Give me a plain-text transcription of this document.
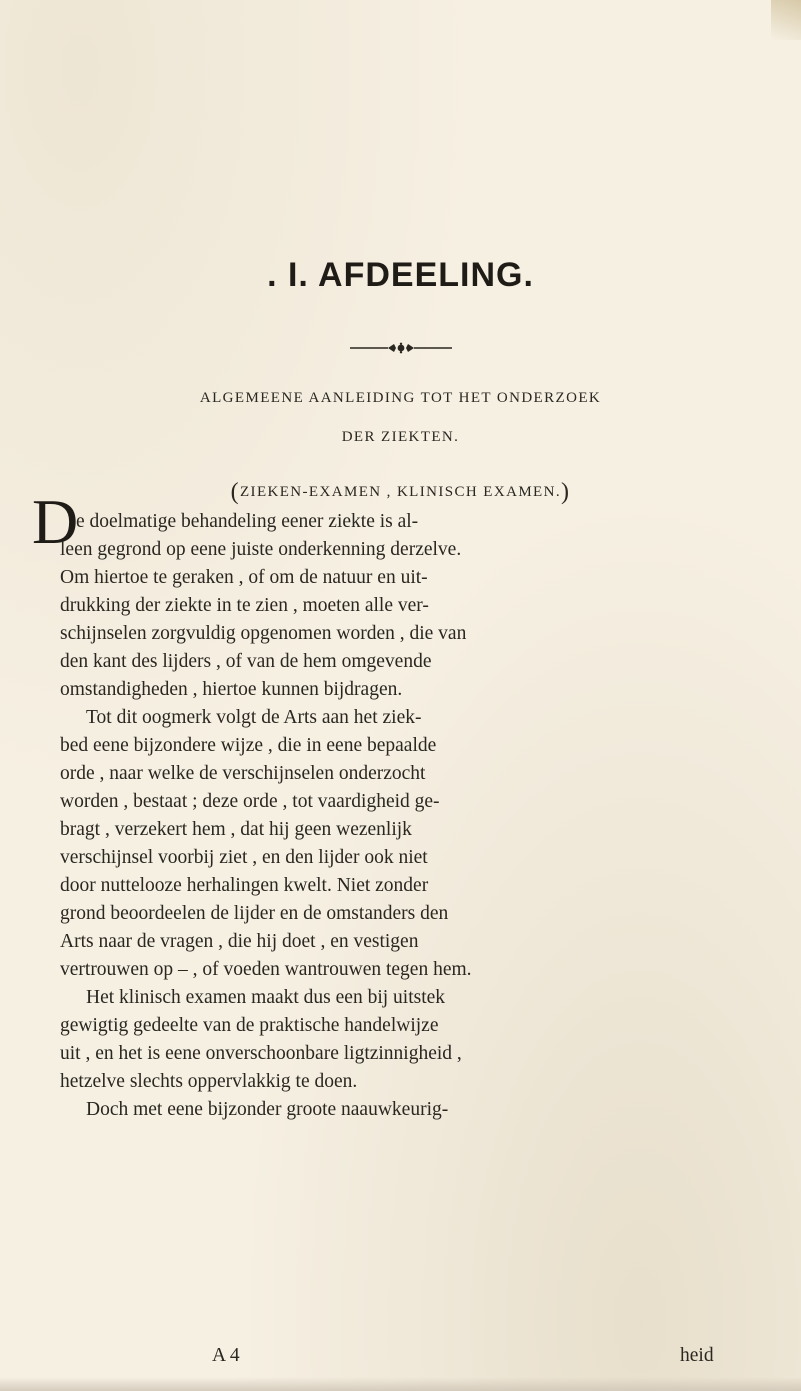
. I. AFDEELING.
ALGEMEENE AANLEIDING TOT HET ONDERZOEK
DER ZIEKTEN.
(ZIEKEN-EXAMEN , KLINISCH EXAMEN.)
D
e doelmatige behandeling eener ziekte is al-
leen gegrond op eene juiste onderkenning derzelve.
Om hiertoe te geraken , of om de natuur en uit-
drukking der ziekte in te zien , moeten alle ver-
schijnselen zorgvuldig opgenomen worden , die van
den kant des lijders , of van de hem omgevende
omstandigheden , hiertoe kunnen bijdragen.
Tot dit oogmerk volgt de Arts aan het ziek-
bed eene bijzondere wijze , die in eene bepaalde
orde , naar welke de verschijnselen onderzocht
worden , bestaat ; deze orde , tot vaardigheid ge-
bragt , verzekert hem , dat hij geen wezenlijk
verschijnsel voorbij ziet , en den lijder ook niet
door nuttelooze herhalingen kwelt. Niet zonder
grond beoordeelen de lijder en de omstanders den
Arts naar de vragen , die hij doet , en vestigen
vertrouwen op – , of voeden wantrouwen tegen hem.
Het klinisch examen maakt dus een bij uitstek
gewigtig gedeelte van de praktische handelwijze
uit , en het is eene onverschoonbare ligtzinnigheid ,
hetzelve slechts oppervlakkig te doen.
Doch met eene bijzonder groote naauwkeurig-
A 4	heid
